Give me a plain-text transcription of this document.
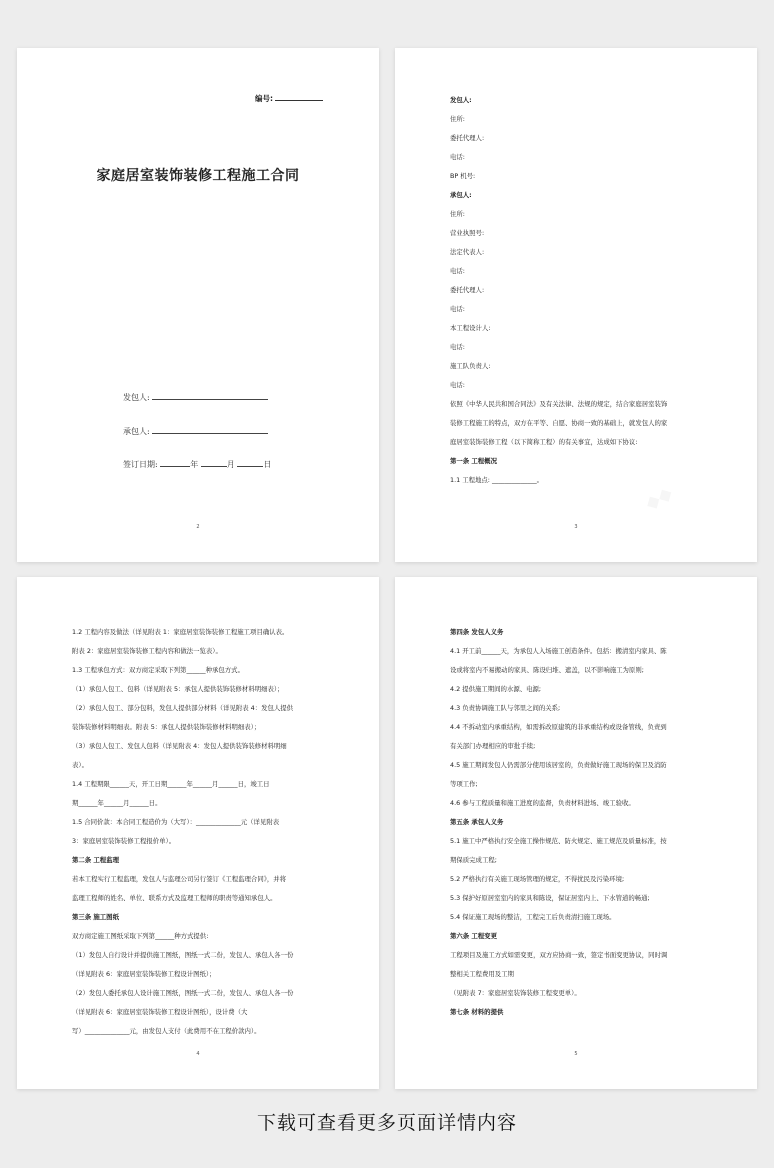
编号:
家庭居室装饰装修工程施工合同
发包人:
承包人:
签订日期:	年	月	日
2
发包人:
住所:
委托代理人:
电话:
BP 机号:
承包人:
住所:
营业执照号:
法定代表人:
电话:
委托代理人:
电话:
本工程设计人:
电话:
施工队负责人:
电话:
依照《中华人民共和国合同法》及有关法律、法规的规定，结合家庭居室装饰
装修工程施工的特点，双方在平等、自愿、协商一致的基础上，就发包人的家
庭居室装饰装修工程（以下简称工程）的有关事宜，达成如下协议:
第一条 工程概况
1.1 工程地点: ______________。
3
1.2 工程内容及做法（详见附表 1：家庭居室装饰装修工程施工项目确认表。
附表 2：家庭居室装饰装修工程内容和做法一览表）。
1.3 工程承包方式：双方商定采取下列第______种承包方式。
（1）承包人包工、包料（详见附表 5：承包人提供装饰装修材料明细表）；
（2）承包人包工、部分包料，发包人提供部分材料（详见附表 4：发包人提供
装饰装修材料明细表。附表 5：承包人提供装饰装修材料明细表）；
（3）承包人包工、发包人包料（详见附表 4：发包人提供装饰装修材料明细
表）。
1.4 工程期限______天，开工日期______年______月______日，竣工日
期______年______月______日。
1.5 合同价款：本合同工程造价为（大写）：______________元（详见附表
3：家庭居室装饰装修工程报价单）。
第二条 工程监理
若本工程实行工程监理，发包人与监理公司另行签订《工程监理合同》，并将
监理工程师的姓名、单位、联系方式及监理工程师的职责等通知承包人。
第三条 施工图纸
双方商定施工图纸采取下列第______种方式提供:
（1）发包人自行设计并提供施工图纸，图纸一式二份，发包人、承包人各一份
（详见附表 6：家庭居室装饰装修工程设计图纸）；
（2）发包人委托承包人设计施工图纸，图纸一式二份，发包人、承包人各一份
（详见附表 6：家庭居室装饰装修工程设计图纸），设计费（大
写）______________元，由发包人支付（此费用不在工程价款内）。
4
第四条 发包人义务
4.1 开工前______天，为承包人入场施工创造条件。包括：搬清室内家具、陈
设或将室内不易搬动的家具、陈设归堆、遮盖，以不影响施工为原则;
4.2 提供施工期间的水源、电源;
4.3 负责协调施工队与邻里之间的关系;
4.4 不拆动室内承重结构，如需拆改原建筑的非承重结构或设备管线，负责到
有关部门办理相应的审批手续;
4.5 施工期间发包人仍需部分使用该居室的，负责做好施工现场的保卫及消防
等项工作;
4.6 参与工程质量和施工进度的监督，负责材料进场、竣工验收。
第五条 承包人义务
5.1 施工中严格执行安全施工操作规范、防火规定、施工规范及质量标准，按
期保质完成工程;
5.2 严格执行有关施工现场管理的规定，不得扰民及污染环境;
5.3 保护好原居室室内的家具和陈设，保证居室内上、下水管道的畅通;
5.4 保证施工现场的整洁，工程完工后负责清扫施工现场。
第六条 工程变更
工程项目及施工方式如需变更，双方应协商一致，签定书面变更协议，同时调
整相关工程费用及工期
（见附表 7：家庭居室装饰装修工程变更单）。
第七条 材料的提供
5
下载可查看更多页面详情内容
